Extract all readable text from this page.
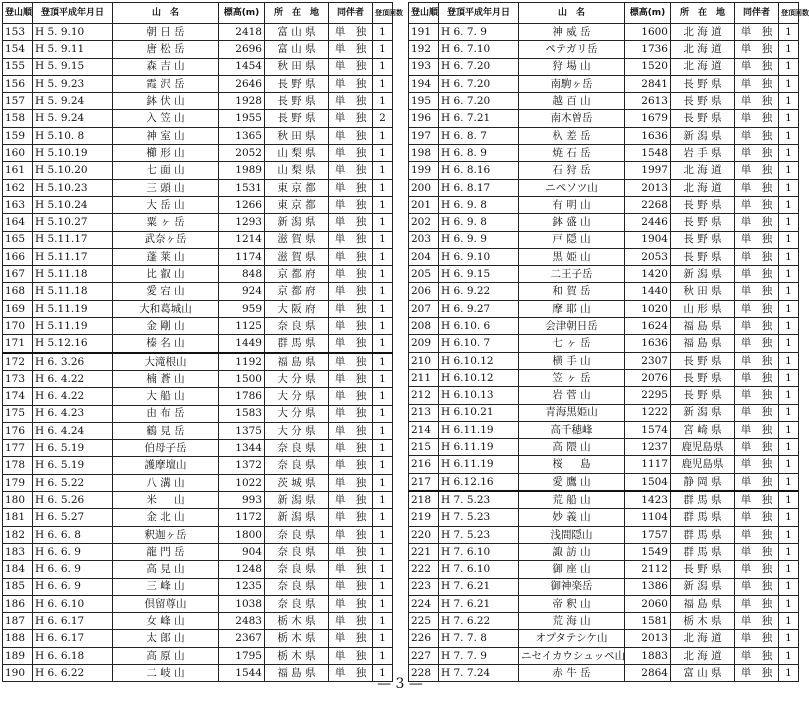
登山順	登頂平成年月日	山　名	標高(m)	所　在　地	同伴者	登頂回数
153	H 5. 9.10	朝 日 岳	2418	富 山 県	単　独	1
154	H 5. 9.11	唐 松 岳	2696	富 山 県	単　独	1
155	H 5. 9.15	森 吉 山	1454	秋 田 県	単　独	1
156	H 5. 9.23	霞 沢 岳	2646	長 野 県	単　独	1
157	H 5. 9.24	鉢 伏 山	1928	長 野 県	単　独	1
158	H 5. 9.24	入 笠 山	1955	長 野 県	単　独	2
159	H 5.10. 8	神 室 山	1365	秋 田 県	単　独	1
160	H 5.10.19	櫛 形 山	2052	山 梨 県	単　独	1
161	H 5.10.20	七 面 山	1989	山 梨 県	単　独	1
162	H 5.10.23	三 頭 山	1531	東 京 都	単　独	1
163	H 5.10.24	大 岳 山	1266	東 京 都	単　独	1
164	H 5.10.27	粟 ヶ 岳	1293	新 潟 県	単　独	1
165	H 5.11.17	武奈ヶ岳	1214	滋 賀 県	単　独	1
166	H 5.11.17	蓬 莱 山	1174	滋 賀 県	単　独	1
167	H 5.11.18	比 叡 山	848	京 都 府	単　独	1
168	H 5.11.18	愛 宕 山	924	京 都 府	単　独	1
169	H 5.11.19	大和葛城山	959	大 阪 府	単　独	1
170	H 5.11.19	金 剛 山	1125	奈 良 県	単　独	1
171	H 5.12.16	榛 名 山	1449	群 馬 県	単　独	1
172	H 6. 3.26	大滝根山	1192	福 島 県	単　独	1
173	H 6. 4.22	楠 蒼 山	1500	大 分 県	単　独	1
174	H 6. 4.22	大 船 山	1786	大 分 県	単　独	1
175	H 6. 4.23	由 布 岳	1583	大 分 県	単　独	1
176	H 6. 4.24	鶴 見 岳	1375	大 分 県	単　独	1
177	H 6. 5.19	伯母子岳	1344	奈 良 県	単　独	1
178	H 6. 5.19	護摩壇山	1372	奈 良 県	単　独	1
179	H 6. 5.22	八 溝 山	1022	茨 城 県	単　独	1
180	H 6. 5.26	米 　 山	993	新 潟 県	単　独	1
181	H 6. 5.27	金 北 山	1172	新 潟 県	単　独	1
182	H 6. 6. 8	釈迦ヶ岳	1800	奈 良 県	単　独	1
183	H 6. 6. 9	龍 門 岳	904	奈 良 県	単　独	1
184	H 6. 6. 9	高 見 山	1248	奈 良 県	単　独	1
185	H 6. 6. 9	三 峰 山	1235	奈 良 県	単　独	1
186	H 6. 6.10	倶留尊山	1038	奈 良 県	単　独	1
187	H 6. 6.17	女 峰 山	2483	栃 木 県	単　独	1
188	H 6. 6.17	太 郎 山	2367	栃 木 県	単　独	1
189	H 6. 6.18	高 原 山	1795	栃 木 県	単　独	1
190	H 6. 6.22	二 岐 山	1544	福 島 県	単　独	1
登山順	登頂平成年月日	山　名	標高(m)	所　在　地	同伴者	登頂回数
191	H 6. 7. 9	神 威 岳	1600	北 海 道	単　独	1
192	H 6. 7.10	ペテガリ岳	1736	北 海 道	単　独	1
193	H 6. 7.20	狩 場 山	1520	北 海 道	単　独	1
194	H 6. 7.20	南駒ヶ岳	2841	長 野 県	単　独	1
195	H 6. 7.20	越 百 山	2613	長 野 県	単　独	1
196	H 6. 7.21	南木曽岳	1679	長 野 県	単　独	1
197	H 6. 8. 7	杁 差 岳	1636	新 潟 県	単　独	1
198	H 6. 8. 9	焼 石 岳	1548	岩 手 県	単　独	1
199	H 6. 8.16	石 狩 岳	1997	北 海 道	単　独	1
200	H 6. 8.17	ニペソツ山	2013	北 海 道	単　独	1
201	H 6. 9. 8	有 明 山	2268	長 野 県	単　独	1
202	H 6. 9. 8	鉢 盛 山	2446	長 野 県	単　独	1
203	H 6. 9. 9	戸 隠 山	1904	長 野 県	単　独	1
204	H 6. 9.10	黒 姫 山	2053	長 野 県	単　独	1
205	H 6. 9.15	二王子岳	1420	新 潟 県	単　独	1
206	H 6. 9.22	和 賀 岳	1440	秋 田 県	単　独	1
207	H 6. 9.27	摩 耶 山	1020	山 形 県	単　独	1
208	H 6.10. 6	会津朝日岳	1624	福 島 県	単　独	1
209	H 6.10. 7	七 ヶ 岳	1636	福 島 県	単　独	1
210	H 6.10.12	横 手 山	2307	長 野 県	単　独	1
211	H 6.10.12	笠 ヶ 岳	2076	長 野 県	単　独	1
212	H 6.10.13	岩 菅 山	2295	長 野 県	単　独	1
213	H 6.10.21	青海黒姫山	1222	新 潟 県	単　独	1
214	H 6.11.19	高千穂峰	1574	宮 崎 県	単　独	1
215	H 6.11.19	高 隈 山	1237	鹿児島県	単　独	1
216	H 6.11.19	桜 　 島	1117	鹿児島県	単　独	1
217	H 6.12.16	愛 鷹 山	1504	静 岡 県	単　独	1
218	H 7. 5.23	荒 船 山	1423	群 馬 県	単　独	1
219	H 7. 5.23	妙 義 山	1104	群 馬 県	単　独	1
220	H 7. 5.23	浅間隠山	1757	群 馬 県	単　独	1
221	H 7. 6.10	諏 訪 山	1549	群 馬 県	単　独	1
222	H 7. 6.10	御 座 山	2112	長 野 県	単　独	1
223	H 7. 6.21	御神楽岳	1386	新 潟 県	単　独	1
224	H 7. 6.21	帝 釈 山	2060	福 島 県	単　独	1
225	H 7. 6.22	荒 海 山	1581	栃 木 県	単　独	1
226	H 7. 7. 8	オプタテシケ山	2013	北 海 道	単　独	1
227	H 7. 7. 9	ニセイカウシュッペ山	1883	北 海 道	単　独	1
228	H 7. 7.24	赤 牛 岳	2864	富 山 県	単　独	1
— 3 —
